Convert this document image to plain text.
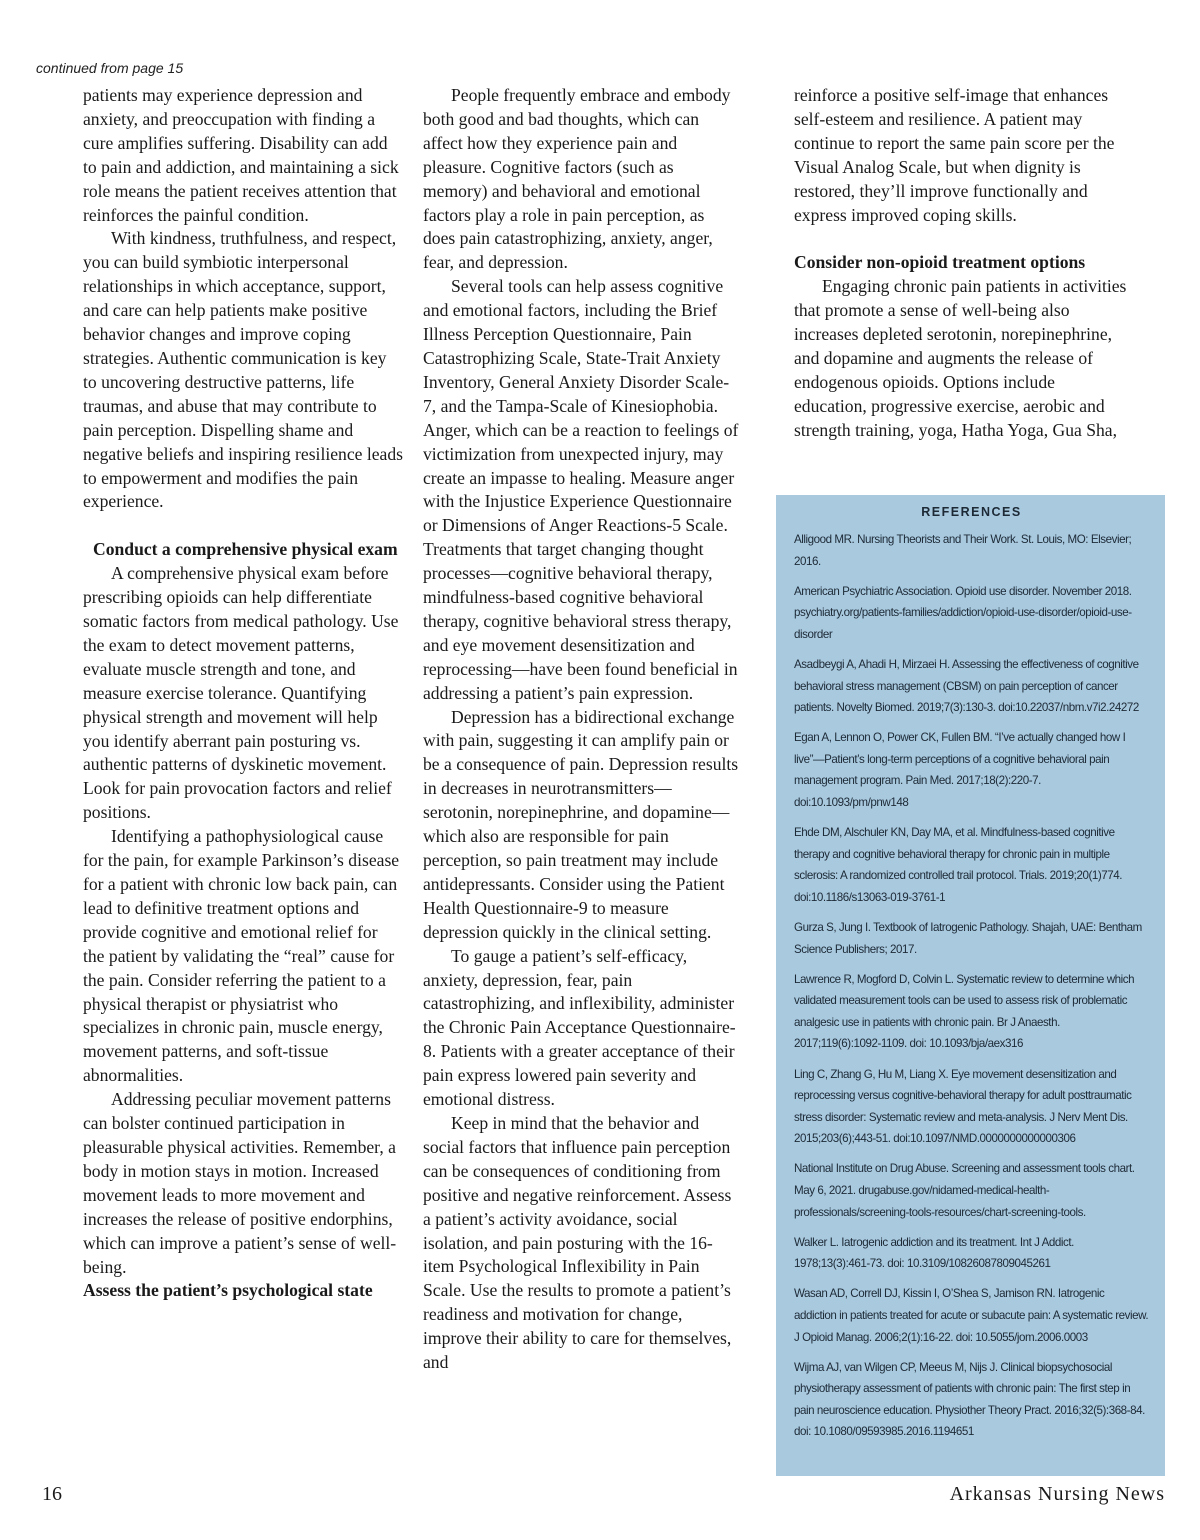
continued from page 15

patients may experience depression and anxiety, and preoccupation with finding a cure amplifies suffering. Disability can add to pain and addiction, and maintaining a sick role means the patient receives attention that reinforces the painful condition.

With kindness, truthfulness, and respect, you can build symbiotic interpersonal relationships in which acceptance, support, and care can help patients make positive behavior changes and improve coping strategies. Authentic communication is key to uncovering destructive patterns, life traumas, and abuse that may contribute to pain perception. Dispelling shame and negative beliefs and inspiring resilience leads to empowerment and modifies the pain experience.

Conduct a comprehensive physical exam

A comprehensive physical exam before prescribing opioids can help differentiate somatic factors from medical pathology. Use the exam to detect movement patterns, evaluate muscle strength and tone, and measure exercise tolerance. Quantifying physical strength and movement will help you identify aberrant pain posturing vs. authentic patterns of dyskinetic movement. Look for pain provocation factors and relief positions.

Identifying a pathophysiological cause for the pain, for example Parkinson’s disease for a patient with chronic low back pain, can lead to definitive treatment options and provide cognitive and emotional relief for the patient by validating the “real” cause for the pain. Consider referring the patient to a physical therapist or physiatrist who specializes in chronic pain, muscle energy, movement patterns, and soft-tissue abnormalities.

Addressing peculiar movement patterns can bolster continued participation in pleasurable physical activities. Remember, a body in motion stays in motion. Increased movement leads to more movement and increases the release of positive endorphins, which can improve a patient’s sense of well-being.

Assess the patient’s psychological state

People frequently embrace and embody both good and bad thoughts, which can affect how they experience pain and pleasure. Cognitive factors (such as memory) and behavioral and emotional factors play a role in pain perception, as does pain catastrophizing, anxiety, anger, fear, and depression.

Several tools can help assess cognitive and emotional factors, including the Brief Illness Perception Questionnaire, Pain Catastrophizing Scale, State-Trait Anxiety Inventory, General Anxiety Disorder Scale-7, and the Tampa-Scale of Kinesiophobia. Anger, which can be a reaction to feelings of victimization from unexpected injury, may create an impasse to healing. Measure anger with the Injustice Experience Questionnaire or Dimensions of Anger Reactions-5 Scale. Treatments that target changing thought processes—cognitive behavioral therapy, mindfulness-based cognitive behavioral therapy, cognitive behavioral stress therapy, and eye movement desensitization and reprocessing—have been found beneficial in addressing a patient’s pain expression.

Depression has a bidirectional exchange with pain, suggesting it can amplify pain or be a consequence of pain. Depression results in decreases in neurotransmitters—serotonin, norepinephrine, and dopamine—which also are responsible for pain perception, so pain treatment may include antidepressants. Consider using the Patient Health Questionnaire-9 to measure depression quickly in the clinical setting.

To gauge a patient’s self-efficacy, anxiety, depression, fear, pain catastrophizing, and inflexibility, administer the Chronic Pain Acceptance Questionnaire-8. Patients with a greater acceptance of their pain express lowered pain severity and emotional distress.

Keep in mind that the behavior and social factors that influence pain perception can be consequences of conditioning from positive and negative reinforcement. Assess a patient’s activity avoidance, social isolation, and pain posturing with the 16-item Psychological Inflexibility in Pain Scale. Use the results to promote a patient’s readiness and motivation for change, improve their ability to care for themselves, and

reinforce a positive self-image that enhances self-esteem and resilience. A patient may continue to report the same pain score per the Visual Analog Scale, but when dignity is restored, they’ll improve functionally and express improved coping skills.

Consider non-opioid treatment options

Engaging chronic pain patients in activities that promote a sense of well-being also increases depleted serotonin, norepinephrine, and dopamine and augments the release of endogenous opioids. Options include education, progressive exercise, aerobic and strength training, yoga, Hatha Yoga, Gua Sha,

REFERENCES
Alligood MR. Nursing Theorists and Their Work. St. Louis, MO: Elsevier; 2016.
American Psychiatric Association. Opioid use disorder. November 2018. psychiatry.org/patients-families/addiction/opioid-use-disorder/opioid-use-disorder
Asadbeygi A, Ahadi H, Mirzaei H. Assessing the effectiveness of cognitive behavioral stress management (CBSM) on pain perception of cancer patients. Novelty Biomed. 2019;7(3):130-3. doi:10.22037/nbm.v7i2.24272
Egan A, Lennon O, Power CK, Fullen BM. “I’ve actually changed how I live”—Patient’s long-term perceptions of a cognitive behavioral pain management program. Pain Med. 2017;18(2):220-7. doi:10.1093/pm/pnw148
Ehde DM, Alschuler KN, Day MA, et al. Mindfulness-based cognitive therapy and cognitive behavioral therapy for chronic pain in multiple sclerosis: A randomized controlled trail protocol. Trials. 2019;20(1)774. doi:10.1186/s13063-019-3761-1
Gurza S, Jung I. Textbook of Iatrogenic Pathology. Shajah, UAE: Bentham Science Publishers; 2017.
Lawrence R, Mogford D, Colvin L. Systematic review to determine which validated measurement tools can be used to assess risk of problematic analgesic use in patients with chronic pain. Br J Anaesth. 2017;119(6):1092-1109. doi: 10.1093/bja/aex316
Ling C, Zhang G, Hu M, Liang X. Eye movement desensitization and reprocessing versus cognitive-behavioral therapy for adult posttraumatic stress disorder: Systematic review and meta-analysis. J Nerv Ment Dis. 2015;203(6);443-51. doi:10.1097/NMD.0000000000000306
National Institute on Drug Abuse. Screening and assessment tools chart. May 6, 2021. drugabuse.gov/nidamed-medical-health-professionals/screening-tools-resources/chart-screening-tools.
Walker L. Iatrogenic addiction and its treatment. Int J Addict. 1978;13(3):461-73. doi: 10.3109/10826087809045261
Wasan AD, Correll DJ, Kissin I, O’Shea S, Jamison RN. Iatrogenic addiction in patients treated for acute or subacute pain: A systematic review. J Opioid Manag. 2006;2(1):16-22. doi: 10.5055/jom.2006.0003
Wijma AJ, van Wilgen CP, Meeus M, Nijs J. Clinical biopsychosocial physiotherapy assessment of patients with chronic pain: The first step in pain neuroscience education. Physiother Theory Pract. 2016;32(5):368-84. doi: 10.1080/09593985.2016.1194651
16	Arkansas Nursing News
